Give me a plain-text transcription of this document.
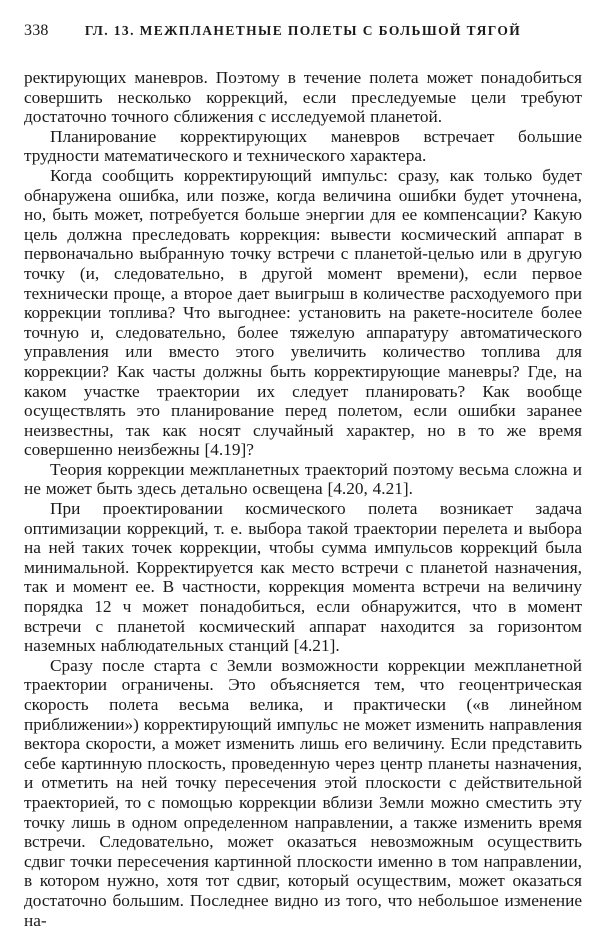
338	ГЛ. 13. МЕЖПЛАНЕТНЫЕ ПОЛЕТЫ С БОЛЬШОЙ ТЯГОЙ

ректирующих маневров. Поэтому в течение полета может понадобиться совершить несколько коррекций, если преследуемые цели требуют достаточно точного сближения с исследуемой планетой.

Планирование корректирующих маневров встречает большие трудности математического и технического характера.

Когда сообщить корректирующий импульс: сразу, как только будет обнаружена ошибка, или позже, когда величина ошибки будет уточнена, но, быть может, потребуется больше энергии для ее компенсации? Какую цель должна преследовать коррекция: вывести космический аппарат в первоначально выбранную точку встречи с планетой-целью или в другую точку (и, следовательно, в другой момент времени), если первое технически проще, а второе дает выигрыш в количестве расходуемого при коррекции топлива? Что выгоднее: установить на ракете-носителе более точную и, следовательно, более тяжелую аппаратуру автоматического управления или вместо этого увеличить количество топлива для коррекции? Как часты должны быть корректирующие маневры? Где, на каком участке траектории их следует планировать? Как вообще осуществлять это планирование перед полетом, если ошибки заранее неизвестны, так как носят случайный характер, но в то же время совершенно неизбежны [4.19]?

Теория коррекции межпланетных траекторий поэтому весьма сложна и не может быть здесь детально освещена [4.20, 4.21].

При проектировании космического полета возникает задача оптимизации коррекций, т. е. выбора такой траектории перелета и выбора на ней таких точек коррекции, чтобы сумма импульсов коррекций была минимальной. Корректируется как место встречи с планетой назначения, так и момент ее. В частности, коррекция момента встречи на величину порядка 12 ч может понадобиться, если обнаружится, что в момент встречи с планетой космический аппарат находится за горизонтом наземных наблюдательных станций [4.21].

Сразу после старта с Земли возможности коррекции межпланетной траектории ограничены. Это объясняется тем, что геоцентрическая скорость полета весьма велика, и практически («в линейном приближении») корректирующий импульс не может изменить направления вектора скорости, а может изменить лишь его величину. Если представить себе картинную плоскость, проведенную через центр планеты назначения, и отметить на ней точку пересечения этой плоскости с действительной траекторией, то с помощью коррекции вблизи Земли можно сместить эту точку лишь в одном определенном направлении, а также изменить время встречи. Следовательно, может оказаться невозможным осуществить сдвиг точки пересечения картинной плоскости именно в том направлении, в котором нужно, хотя тот сдвиг, который осуществим, может оказаться достаточно большим. Последнее видно из того, что небольшое изменение на-
